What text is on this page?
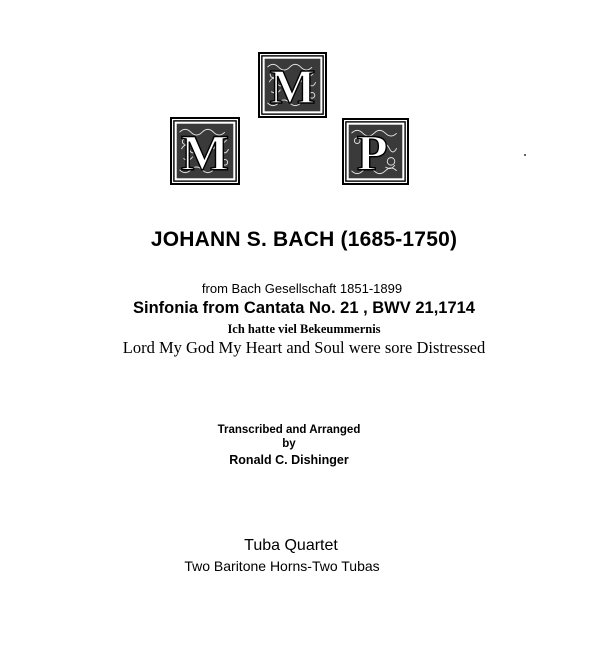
M
M P
JOHANN S. BACH (1685-1750)
from Bach Gesellschaft 1851-1899
Sinfonia from Cantata No. 21 , BWV 21,1714
Ich hatte viel Bekeummernis
Lord My God My Heart and Soul were sore Distressed
Transcribed and Arranged
by
Ronald C. Dishinger
Tuba Quartet
Two Baritone Horns-Two Tubas
